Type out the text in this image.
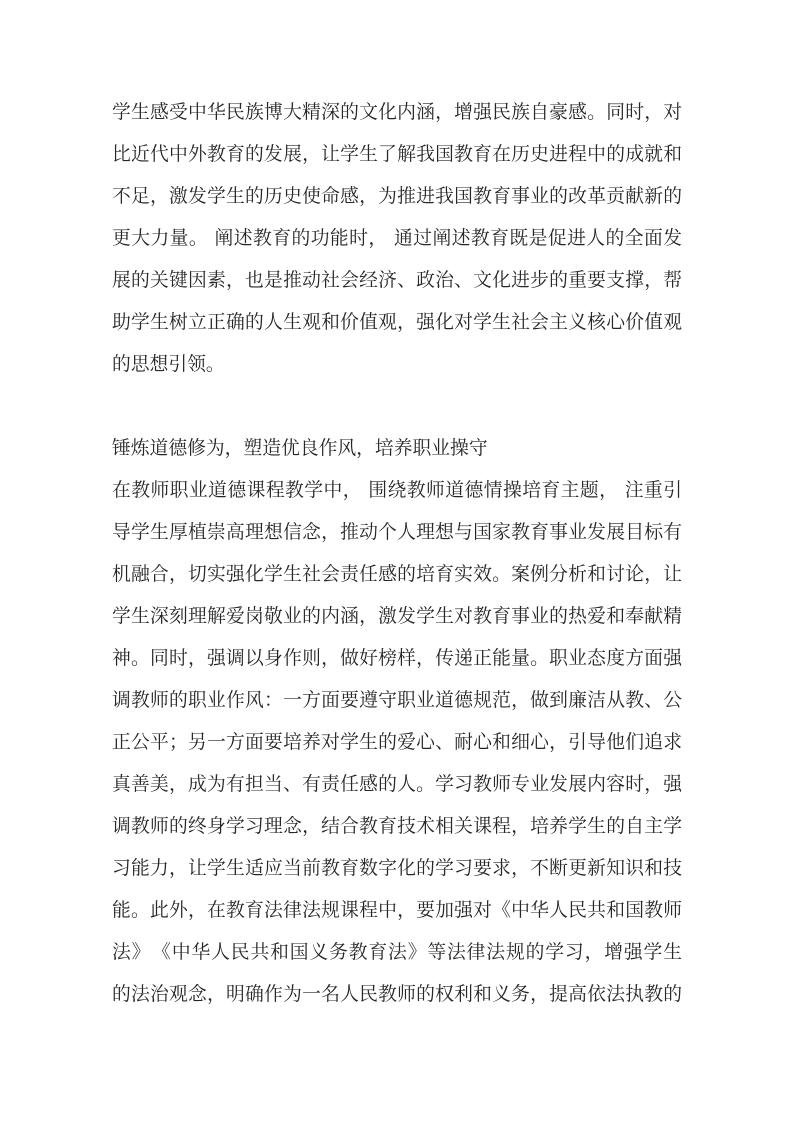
学生感受中华民族博大精深的文化内涵，增强民族自豪感。同时，对
比近代中外教育的发展，让学生了解我国教育在历史进程中的成就和
不足，激发学生的历史使命感，为推进我国教育事业的改革贡献新的
更大力量。 阐述教育的功能时， 通过阐述教育既是促进人的全面发
展的关键因素，也是推动社会经济、政治、文化进步的重要支撑，帮
助学生树立正确的人生观和价值观，强化对学生社会主义核心价值观
的思想引领。
锤炼道德修为，塑造优良作风，培养职业操守
在教师职业道德课程教学中， 围绕教师道德情操培育主题， 注重引
导学生厚植崇高理想信念，推动个人理想与国家教育事业发展目标有
机融合，切实强化学生社会责任感的培育实效。案例分析和讨论，让
学生深刻理解爱岗敬业的内涵，激发学生对教育事业的热爱和奉献精
神。同时，强调以身作则，做好榜样，传递正能量。职业态度方面强
调教师的职业作风：一方面要遵守职业道德规范，做到廉洁从教、公
正公平；另一方面要培养对学生的爱心、耐心和细心，引导他们追求
真善美，成为有担当、有责任感的人。学习教师专业发展内容时，强
调教师的终身学习理念，结合教育技术相关课程，培养学生的自主学
习能力，让学生适应当前教育数字化的学习要求，不断更新知识和技
能。此外，在教育法律法规课程中，要加强对《中华人民共和国教师
法》　《中华人民共和国义务教育法》等法律法规的学习，增强学生
的法治观念，明确作为一名人民教师的权利和义务，提高依法执教的
